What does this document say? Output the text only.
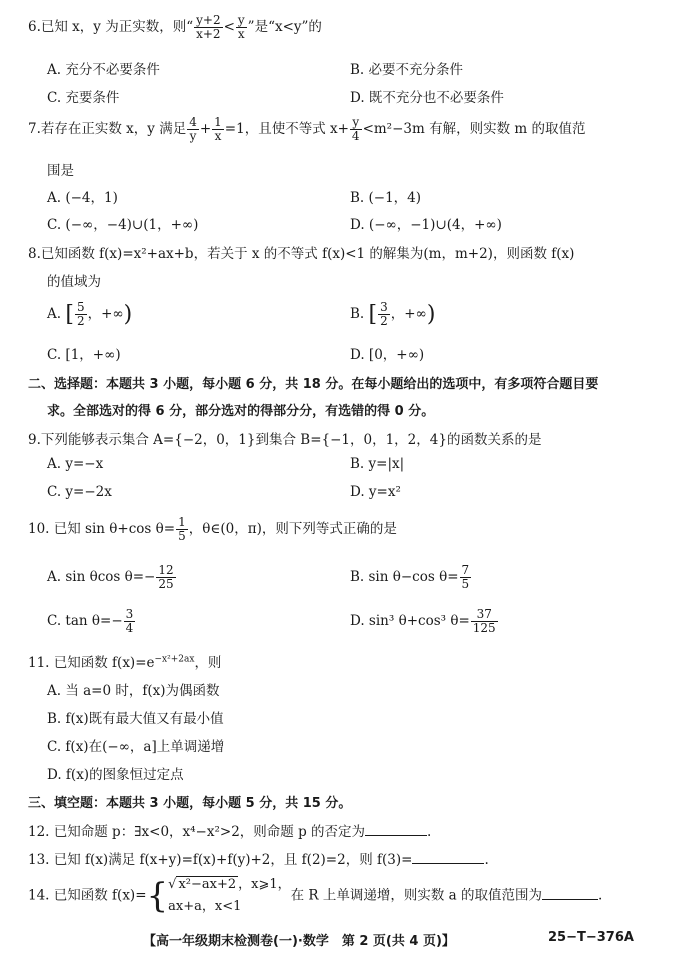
6.已知 x，y 为正实数，则“ $\frac{y+2}{x+2} < \frac{y}{x}$ ”是“x<y”的
A. 充分不必要条件	B. 必要不充分条件
C. 充要条件	D. 既不充分也不必要条件
7.若存在正实数 x，y 满足 $\frac{4}{y} + \frac{1}{x} =1$，且使不等式 $x+ \frac{y}{4} <m^2-3m$ 有解，则实数 m 的取值范
围是
A. (−4，1)	B. (−1，4)
C. (−∞，−4)∪(1，+∞)	D. (−∞，−1)∪(4，+∞)
8.已知函数 f(x)=x²+ax+b，若关于 x 的不等式 f(x)<1 的解集为(m，m+2)，则函数 f(x)
的值域为
A. [ $\frac{5}{2}$ ，+∞)	B. [ $\frac{3}{2}$ ，+∞)
C. [1，+∞)	D. [0，+∞)
二、选择题：本题共 3 小题，每小题 6 分，共 18 分。在每小题给出的选项中，有多项符合题目要
求。全部选对的得 6 分，部分选对的得部分分，有选错的得 0 分。
9.下列能够表示集合 A={−2，0，1}到集合 B={−1，0，1，2，4}的函数关系的是
A. y=−x	B. y=|x|
C. y=−2x	D. y=x²
10. 已知 sin θ+cos $\theta= \frac{1}{5}$ ，θ∈(0，π)，则下列等式正确的是
A. sin θcos $\theta=- \frac{12}{25}$	B. sin θ−cos $\theta= \frac{7}{5}$
C. $\tan \theta=- \frac{3}{4}$	D. sin³ θ+cos³ $\theta= \frac{37}{125}$
11. 已知函数 $f(x)=e^{-x^2+2ax}$，则
A. 当 a=0 时，f(x)为偶函数
B. f(x)既有最大值又有最小值
C. f(x)在(−∞，a]上单调递增
D. f(x)的图象恒过定点
三、填空题：本题共 3 小题，每小题 5 分，共 15 分。
12. 已知命题 p：∃x<0，x⁴−x²>2，则命题 p 的否定为	.
13. 已知 f(x)满足 f(x+y)=f(x)+f(y)+2，且 f(2)=2，则 f(3)=	.
14. 已知函数 f(x)={ √ x²−ax+2 ，x⩾1，
ax+a，x<1
在 R 上单调递增，则实数 a 的取值范围为	.
【高一年级期末检测卷(一)·数学　第 2 页(共 4 页)】	25−T−376A
